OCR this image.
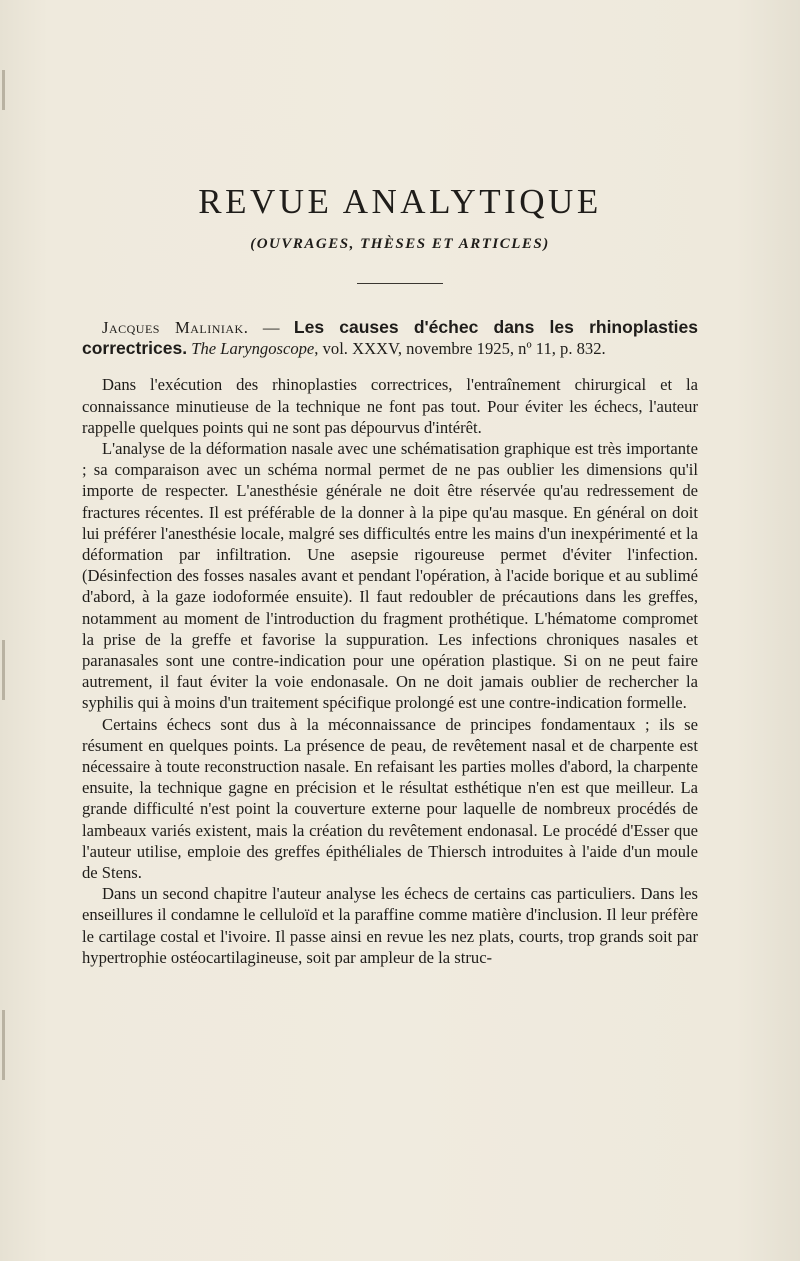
REVUE ANALYTIQUE
(OUVRAGES, THÈSES ET ARTICLES)

Jacques Maliniak. — Les causes d'échec dans les rhinoplasties correctrices. The Laryngoscope, vol. XXXV, novembre 1925, nº 11, p. 832.

Dans l'exécution des rhinoplasties correctrices, l'entraînement chirurgical et la connaissance minutieuse de la technique ne font pas tout. Pour éviter les échecs, l'auteur rappelle quelques points qui ne sont pas dépourvus d'intérêt.

L'analyse de la déformation nasale avec une schématisation graphique est très importante ; sa comparaison avec un schéma normal permet de ne pas oublier les dimensions qu'il importe de respecter. L'anesthésie générale ne doit être réservée qu'au redressement de fractures récentes. Il est préférable de la donner à la pipe qu'au masque. En général on doit lui préférer l'anesthésie locale, malgré ses difficultés entre les mains d'un inexpérimenté et la déformation par infiltration. Une asepsie rigoureuse permet d'éviter l'infection. (Désinfection des fosses nasales avant et pendant l'opération, à l'acide borique et au sublimé d'abord, à la gaze iodoformée ensuite). Il faut redoubler de précautions dans les greffes, notamment au moment de l'introduction du fragment prothétique. L'hématome compromet la prise de la greffe et favorise la suppuration. Les infections chroniques nasales et paranasales sont une contre-indication pour une opération plastique. Si on ne peut faire autrement, il faut éviter la voie endonasale. On ne doit jamais oublier de rechercher la syphilis qui à moins d'un traitement spécifique prolongé est une contre-indication formelle.

Certains échecs sont dus à la méconnaissance de principes fondamentaux ; ils se résument en quelques points. La présence de peau, de revêtement nasal et de charpente est nécessaire à toute reconstruction nasale. En refaisant les parties molles d'abord, la charpente ensuite, la technique gagne en précision et le résultat esthétique n'en est que meilleur. La grande difficulté n'est point la couverture externe pour laquelle de nombreux procédés de lambeaux variés existent, mais la création du revêtement endonasal. Le procédé d'Esser que l'auteur utilise, emploie des greffes épithéliales de Thiersch introduites à l'aide d'un moule de Stens.

Dans un second chapitre l'auteur analyse les échecs de certains cas particuliers. Dans les enseillures il condamne le celluloïd et la paraffine comme matière d'inclusion. Il leur préfère le cartilage costal et l'ivoire. Il passe ainsi en revue les nez plats, courts, trop grands soit par hypertrophie ostéocartilagineuse, soit par ampleur de la struc-
